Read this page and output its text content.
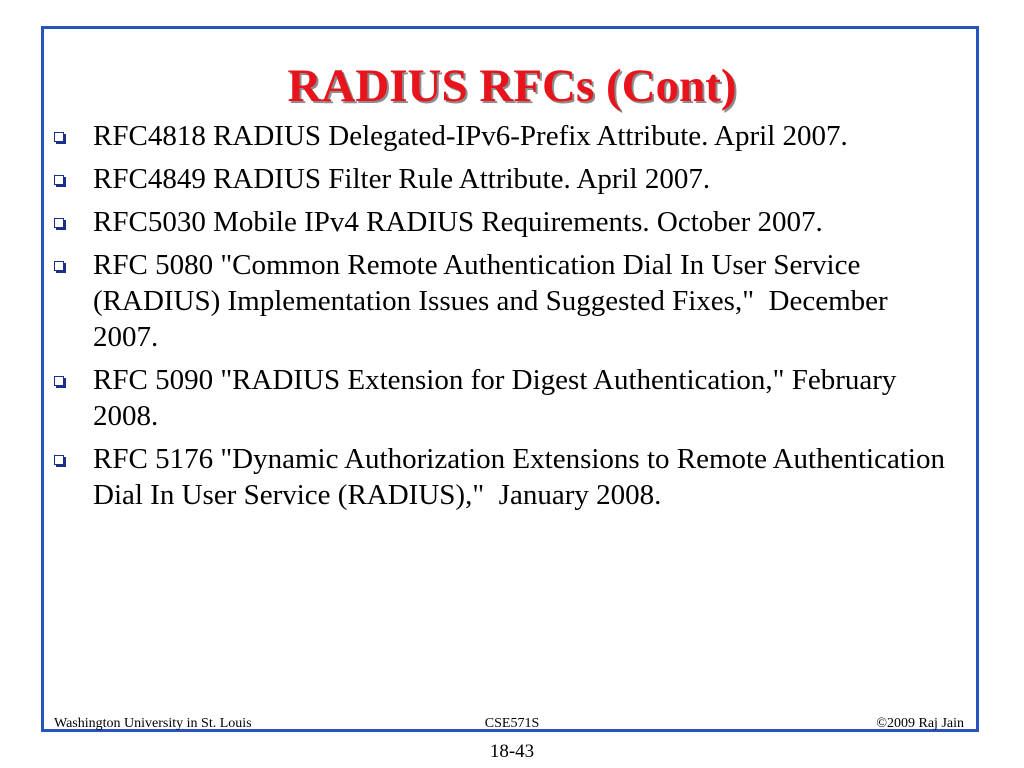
RADIUS RFCs (Cont)
RFC4818 RADIUS Delegated-IPv6-Prefix Attribute. April 2007.
RFC4849 RADIUS Filter Rule Attribute. April 2007.
RFC5030 Mobile IPv4 RADIUS Requirements. October 2007.
RFC 5080 "Common Remote Authentication Dial In User Service (RADIUS) Implementation Issues and Suggested Fixes,"  December 2007.
RFC 5090 "RADIUS Extension for Digest Authentication," February 2008.
RFC 5176 "Dynamic Authorization Extensions to Remote Authentication Dial In User Service (RADIUS),"  January 2008.
Washington University in St. Louis	CSE571S	©2009 Raj Jain
18-43
